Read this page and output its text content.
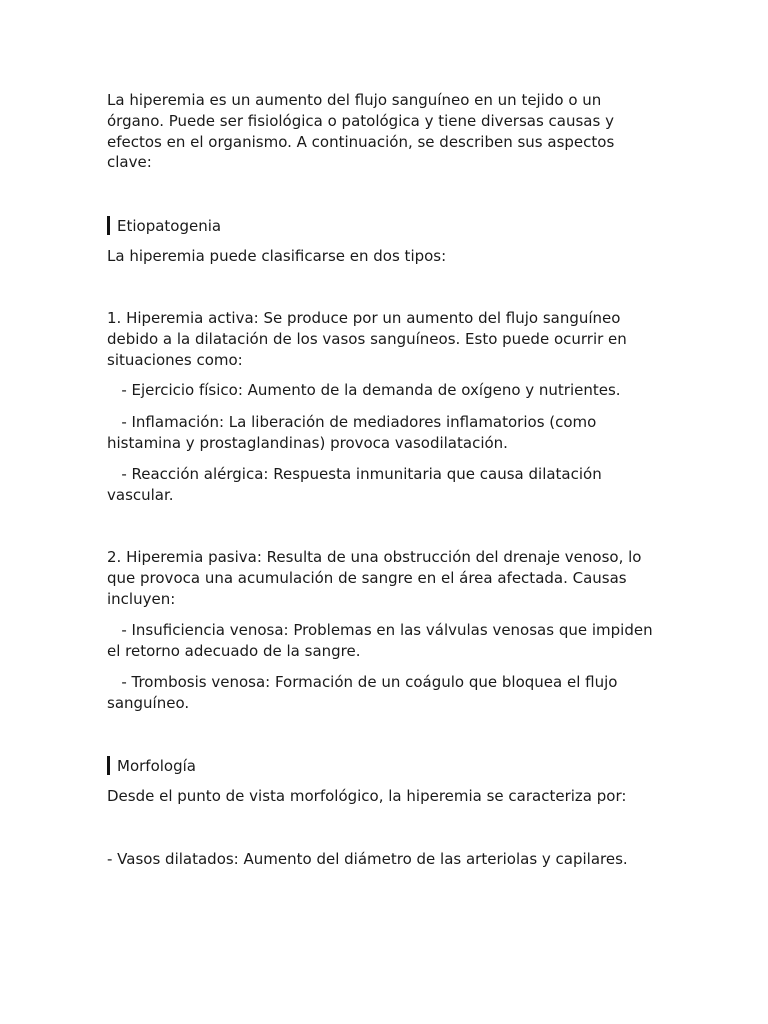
La hiperemia es un aumento del flujo sanguíneo en un tejido o un órgano. Puede ser fisiológica o patológica y tiene diversas causas y efectos en el organismo. A continuación, se describen sus aspectos clave:

Etiopatogenia

La hiperemia puede clasificarse en dos tipos:

1. Hiperemia activa: Se produce por un aumento del flujo sanguíneo debido a la dilatación de los vasos sanguíneos. Esto puede ocurrir en situaciones como:

- Ejercicio físico: Aumento de la demanda de oxígeno y nutrientes.

- Inflamación: La liberación de mediadores inflamatorios (como histamina y prostaglandinas) provoca vasodilatación.

- Reacción alérgica: Respuesta inmunitaria que causa dilatación vascular.

2. Hiperemia pasiva: Resulta de una obstrucción del drenaje venoso, lo que provoca una acumulación de sangre en el área afectada. Causas incluyen:

- Insuficiencia venosa: Problemas en las válvulas venosas que impiden el retorno adecuado de la sangre.

- Trombosis venosa: Formación de un coágulo que bloquea el flujo sanguíneo.

Morfología

Desde el punto de vista morfológico, la hiperemia se caracteriza por:

- Vasos dilatados: Aumento del diámetro de las arteriolas y capilares.
